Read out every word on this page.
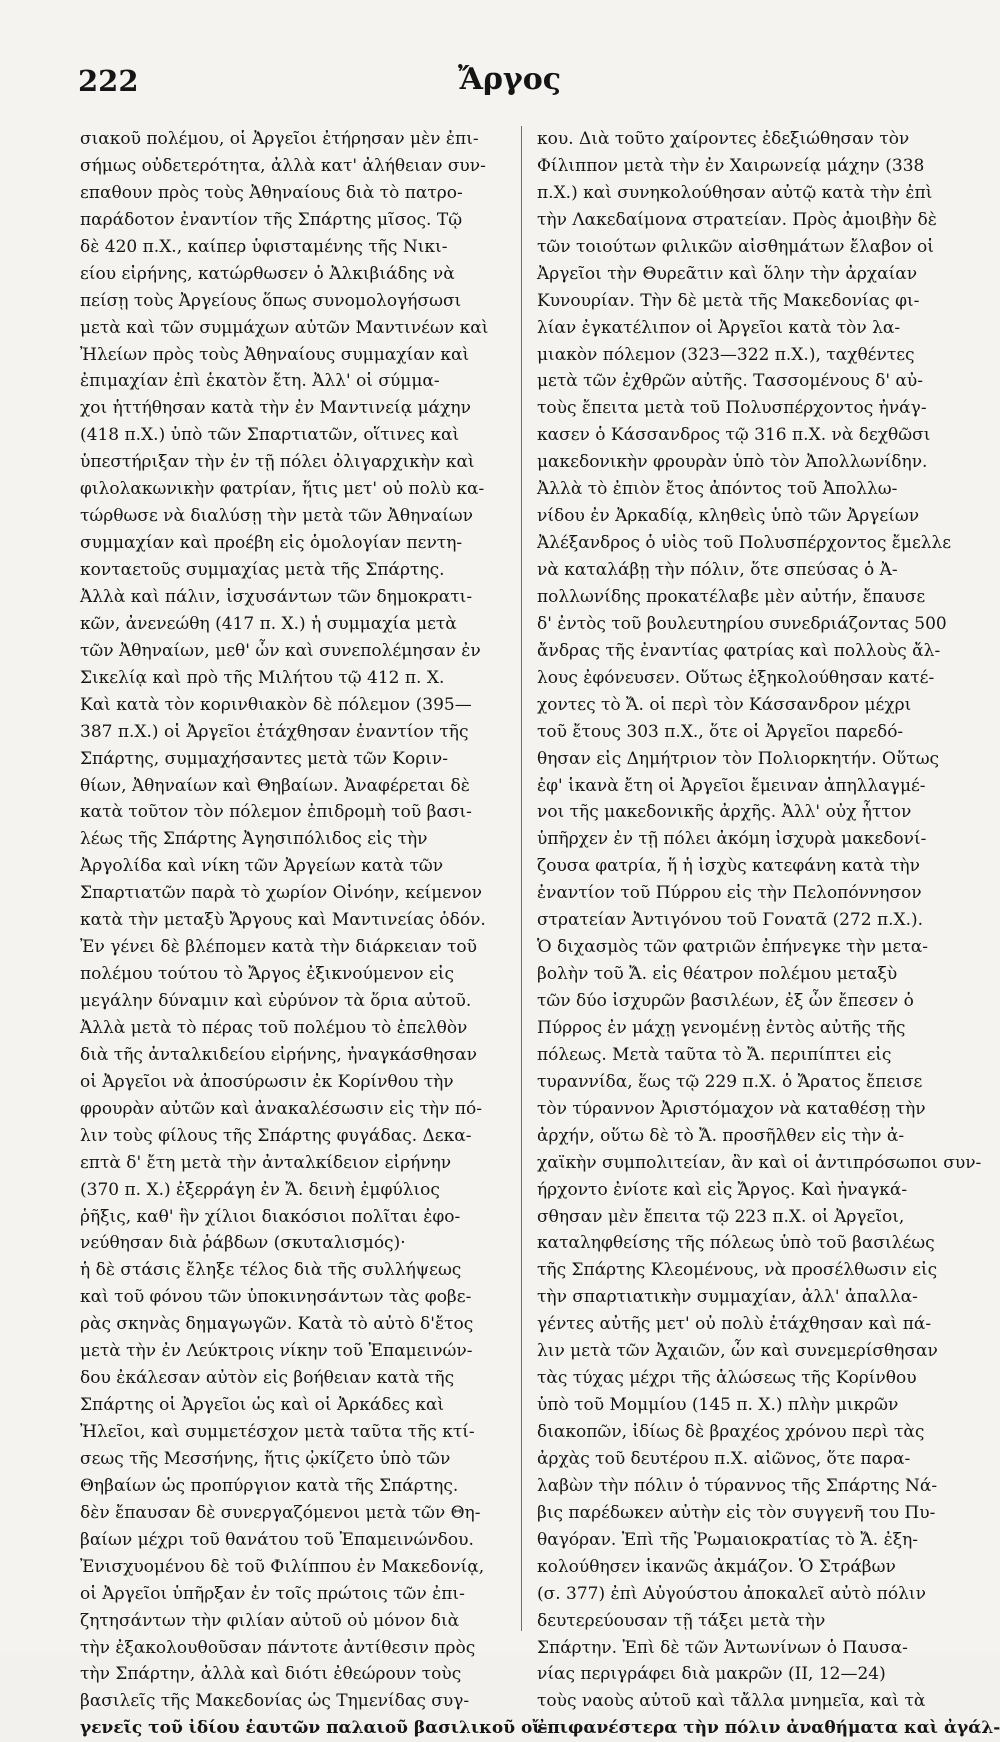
222	Ἄργος
σιακοῦ πολέμου, οἱ Ἀργεῖοι ἐτήρησαν μὲν ἐπι-
σήμως οὐδετερότητα, ἀλλὰ κατ' ἀλήθειαν συν-
επαθουν πρὸς τοὺς Ἀθηναίους διὰ τὸ πατρο-
παράδοτον ἐναντίον τῆς Σπάρτης μῖσος. Τῷ
δὲ 420 π.Χ., καίπερ ὑφισταμένης τῆς Νικι-
είου εἰρήνης, κατώρθωσεν ὁ Ἀλκιβιάδης νὰ
πείσῃ τοὺς Ἀργείους ὅπως συνομολογήσωσι
μετὰ καὶ τῶν συμμάχων αὐτῶν Μαντινέων καὶ
Ἠλείων πρὸς τοὺς Ἀθηναίους συμμαχίαν καὶ
ἐπιμαχίαν ἐπὶ ἑκατὸν ἔτη. Ἀλλ' οἱ σύμμα-
χοι ἡττήθησαν κατὰ τὴν ἐν Μαντινείᾳ μάχην
(418 π.Χ.) ὑπὸ τῶν Σπαρτιατῶν, οἵτινες καὶ
ὑπεστήριξαν τὴν ἐν τῇ πόλει ὀλιγαρχικὴν καὶ
φιλολακωνικὴν φατρίαν, ἥτις μετ' οὐ πολὺ κα-
τώρθωσε νὰ διαλύσῃ τὴν μετὰ τῶν Ἀθηναίων
συμμαχίαν καὶ προέβη εἰς ὁμολογίαν πεντη-
κονταετοῦς συμμαχίας μετὰ τῆς Σπάρτης.
Ἀλλὰ καὶ πάλιν, ἰσχυσάντων τῶν δημοκρατι-
κῶν, ἀνενεώθη (417 π. Χ.) ἡ συμμαχία μετὰ
τῶν Ἀθηναίων, μεθ' ὧν καὶ συνεπολέμησαν ἐν
Σικελίᾳ καὶ πρὸ τῆς Μιλήτου τῷ 412 π. Χ.
Καὶ κατὰ τὸν κορινθιακὸν δὲ πόλεμον (395—
387 π.Χ.) οἱ Ἀργεῖοι ἐτάχθησαν ἐναντίον τῆς
Σπάρτης, συμμαχήσαντες μετὰ τῶν Κοριν-
θίων, Ἀθηναίων καὶ Θηβαίων. Ἀναφέρεται δὲ
κατὰ τοῦτον τὸν πόλεμον ἐπιδρομὴ τοῦ βασι-
λέως τῆς Σπάρτης Ἀγησιπόλιδος εἰς τὴν
Ἀργολίδα καὶ νίκη τῶν Ἀργείων κατὰ τῶν
Σπαρτιατῶν παρὰ τὸ χωρίον Οἰνόην, κείμενον
κατὰ τὴν μεταξὺ Ἄργους καὶ Μαντινείας ὁδόν.
Ἐν γένει δὲ βλέπομεν κατὰ τὴν διάρκειαν τοῦ
πολέμου τούτου τὸ Ἄργος ἐξικνούμενον εἰς
μεγάλην δύναμιν καὶ εὐρύνον τὰ ὅρια αὐτοῦ.
Ἀλλὰ μετὰ τὸ πέρας τοῦ πολέμου τὸ ἐπελθὸν
διὰ τῆς ἀνταλκιδείου εἰρήνης, ἠναγκάσθησαν
οἱ Ἀργεῖοι νὰ ἀποσύρωσιν ἐκ Κορίνθου τὴν
φρουρὰν αὐτῶν καὶ ἀνακαλέσωσιν εἰς τὴν πό-
λιν τοὺς φίλους τῆς Σπάρτης φυγάδας. Δεκα-
επτὰ δ' ἔτη μετὰ τὴν ἀνταλκίδειον εἰρήνην
(370 π. Χ.) ἐξερράγη ἐν Ἄ. δεινὴ ἐμφύλιος
ῥῆξις, καθ' ἣν χίλιοι διακόσιοι πολῖται ἐφο-
νεύθησαν διὰ ῥάβδων (σκυταλισμός)·
ἡ δὲ στάσις ἔληξε τέλος διὰ τῆς συλλήψεως
καὶ τοῦ φόνου τῶν ὑποκινησάντων τὰς φοβε-
ρὰς σκηνὰς δημαγωγῶν. Κατὰ τὸ αὐτὸ δ'ἔτος
μετὰ τὴν ἐν Λεύκτροις νίκην τοῦ Ἐπαμεινών-
δου ἐκάλεσαν αὐτὸν εἰς βοήθειαν κατὰ τῆς
Σπάρτης οἱ Ἀργεῖοι ὡς καὶ οἱ Ἀρκάδες καὶ
Ἠλεῖοι, καὶ συμμετέσχον μετὰ ταῦτα τῆς κτί-
σεως τῆς Μεσσήνης, ἥτις ᾠκίζετο ὑπὸ τῶν
Θηβαίων ὡς προπύργιον κατὰ τῆς Σπάρτης.
δὲν ἔπαυσαν δὲ συνεργαζόμενοι μετὰ τῶν Θη-
βαίων μέχρι τοῦ θανάτου τοῦ Ἐπαμεινώνδου.
Ἐνισχυομένου δὲ τοῦ Φιλίππου ἐν Μακεδονίᾳ,
οἱ Ἀργεῖοι ὑπῆρξαν ἐν τοῖς πρώτοις τῶν ἐπι-
ζητησάντων τὴν φιλίαν αὐτοῦ οὐ μόνον διὰ
τὴν ἐξακολουθοῦσαν πάντοτε ἀντίθεσιν πρὸς
τὴν Σπάρτην, ἀλλὰ καὶ διότι ἐθεώρουν τοὺς
βασιλεῖς τῆς Μακεδονίας ὡς Τημενίδας συγ-
γενεῖς τοῦ ἰδίου ἑαυτῶν παλαιοῦ βασιλικοῦ οἴ-
κου. Διὰ τοῦτο χαίροντες ἐδεξιώθησαν τὸν
Φίλιππον μετὰ τὴν ἐν Χαιρωνείᾳ μάχην (338
π.Χ.) καὶ συνηκολούθησαν αὐτῷ κατὰ τὴν ἐπὶ
τὴν Λακεδαίμονα στρατείαν. Πρὸς ἀμοιβὴν δὲ
τῶν τοιούτων φιλικῶν αἰσθημάτων ἔλαβον οἱ
Ἀργεῖοι τὴν Θυρεᾶτιν καὶ ὅλην τὴν ἀρχαίαν
Κυνουρίαν. Τὴν δὲ μετὰ τῆς Μακεδονίας φι-
λίαν ἐγκατέλιπον οἱ Ἀργεῖοι κατὰ τὸν λα-
μιακὸν πόλεμον (323—322 π.Χ.), ταχθέντες
μετὰ τῶν ἐχθρῶν αὐτῆς. Τασσομένους δ' αὐ-
τοὺς ἔπειτα μετὰ τοῦ Πολυσπέρχοντος ἠνάγ-
κασεν ὁ Κάσσανδρος τῷ 316 π.Χ. νὰ δεχθῶσι
μακεδονικὴν φρουρὰν ὑπὸ τὸν Ἀπολλωνίδην.
Ἀλλὰ τὸ ἐπιὸν ἔτος ἀπόντος τοῦ Ἀπολλω-
νίδου ἐν Ἀρκαδίᾳ, κληθεὶς ὑπὸ τῶν Ἀργείων
Ἀλέξανδρος ὁ υἱὸς τοῦ Πολυσπέρχοντος ἔμελλε
νὰ καταλάβῃ τὴν πόλιν, ὅτε σπεύσας ὁ Ἀ-
πολλωνίδης προκατέλαβε μὲν αὐτήν, ἔπαυσε
δ' ἐντὸς τοῦ βουλευτηρίου συνεδριάζοντας 500
ἄνδρας τῆς ἐναντίας φατρίας καὶ πολλοὺς ἄλ-
λους ἐφόνευσεν. Οὕτως ἐξηκολούθησαν κατέ-
χοντες τὸ Ἄ. οἱ περὶ τὸν Κάσσανδρον μέχρι
τοῦ ἔτους 303 π.Χ., ὅτε οἱ Ἀργεῖοι παρεδό-
θησαν εἰς Δημήτριον τὸν Πολιορκητήν. Οὕτως
ἐφ' ἱκανὰ ἔτη οἱ Ἀργεῖοι ἔμειναν ἀπηλλαγμέ-
νοι τῆς μακεδονικῆς ἀρχῆς. Ἀλλ' οὐχ ἧττον
ὑπῆρχεν ἐν τῇ πόλει ἀκόμη ἰσχυρὰ μακεδονί-
ζουσα φατρία, ἥ ἡ ἰσχὺς κατεφάνη κατὰ τὴν
ἐναντίον τοῦ Πύρρου εἰς τὴν Πελοπόννησον
στρατείαν Ἀντιγόνου τοῦ Γονατᾶ (272 π.Χ.).
Ὁ διχασμὸς τῶν φατριῶν ἐπήνεγκε τὴν μετα-
βολὴν τοῦ Ἄ. εἰς θέατρον πολέμου μεταξὺ
τῶν δύο ἰσχυρῶν βασιλέων, ἐξ ὧν ἔπεσεν ὁ
Πύρρος ἐν μάχῃ γενομένῃ ἐντὸς αὐτῆς τῆς
πόλεως. Μετὰ ταῦτα τὸ Ἄ. περιπίπτει εἰς
τυραννίδα, ἕως τῷ 229 π.Χ. ὁ Ἄρατος ἔπεισε
τὸν τύραννον Ἀριστόμαχον νὰ καταθέσῃ τὴν
ἀρχήν, οὕτω δὲ τὸ Ἄ. προσῆλθεν εἰς τὴν ἀ-
χαϊκὴν συμπολιτείαν, ἂν καὶ οἱ ἀντιπρόσωποι συν-
ήρχοντο ἐνίοτε καὶ εἰς Ἄργος. Καὶ ἠναγκά-
σθησαν μὲν ἔπειτα τῷ 223 π.Χ. οἱ Ἀργεῖοι,
καταληφθείσης τῆς πόλεως ὑπὸ τοῦ βασιλέως
τῆς Σπάρτης Κλεομένους, νὰ προσέλθωσιν εἰς
τὴν σπαρτιατικὴν συμμαχίαν, ἀλλ' ἀπαλλα-
γέντες αὐτῆς μετ' οὐ πολὺ ἐτάχθησαν καὶ πά-
λιν μετὰ τῶν Ἀχαιῶν, ὧν καὶ συνεμερίσθησαν
τὰς τύχας μέχρι τῆς ἁλώσεως τῆς Κορίνθου
ὑπὸ τοῦ Μομμίου (145 π. Χ.) πλὴν μικρῶν
διακοπῶν, ἰδίως δὲ βραχέος χρόνου περὶ τὰς
ἀρχὰς τοῦ δευτέρου π.Χ. αἰῶνος, ὅτε παρα-
λαβὼν τὴν πόλιν ὁ τύραννος τῆς Σπάρτης Νά-
βις παρέδωκεν αὐτὴν εἰς τὸν συγγενῆ του Πυ-
θαγόραν. Ἐπὶ τῆς Ῥωμαιοκρατίας τὸ Ἄ. ἐξη-
κολούθησεν ἱκανῶς ἀκμάζον. Ὁ Στράβων
(σ. 377) ἐπὶ Αὐγούστου ἀποκαλεῖ αὐτὸ πόλιν
δευτερεύουσαν τῇ τάξει μετὰ τὴν
Σπάρτην. Ἐπὶ δὲ τῶν Ἀντωνίνων ὁ Παυσα-
νίας περιγράφει διὰ μακρῶν (II, 12—24)
τοὺς ναοὺς αὐτοῦ καὶ τἄλλα μνημεῖα, καὶ τὰ
ἐπιφανέστερα τὴν πόλιν ἀναθήματα καὶ ἀγάλ-
